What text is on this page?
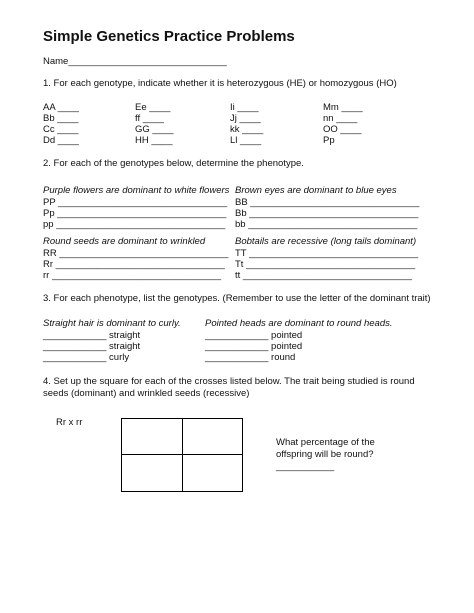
Simple Genetics Practice Problems
Name______________________________
1. For each genotype, indicate whether it is heterozygous (HE) or homozygous (HO)
AA ____
Bb ____
Cc ____
Dd ____
Ee ____
ff ____
GG ____
HH ____
Ii ____
Jj ____
kk ____
Ll ____
Mm ____
nn ____
OO ____
Pp
2. For each of the genotypes below, determine the phenotype.
Purple flowers are dominant to white flowers
PP ________________________________
Pp ________________________________
pp ________________________________
Brown eyes are dominant to blue eyes
BB ________________________________
Bb ________________________________
bb ________________________________
Round seeds are dominant to wrinkled
RR ________________________________
Rr ________________________________
rr ________________________________
Bobtails are recessive (long tails dominant)
TT ________________________________
Tt ________________________________
tt ________________________________
3. For each phenotype, list the genotypes. (Remember to use the letter of the dominant trait)
Straight hair is dominant to curly.
____________ straight
____________ straight
____________ curly
Pointed heads are dominant to round heads.
____________ pointed
____________ pointed
____________ round
4. Set up the square for each of the crosses listed below. The trait being studied is round
seeds (dominant) and wrinkled seeds (recessive)
Rr x rr
What percentage of the
offspring will be round?
___________
